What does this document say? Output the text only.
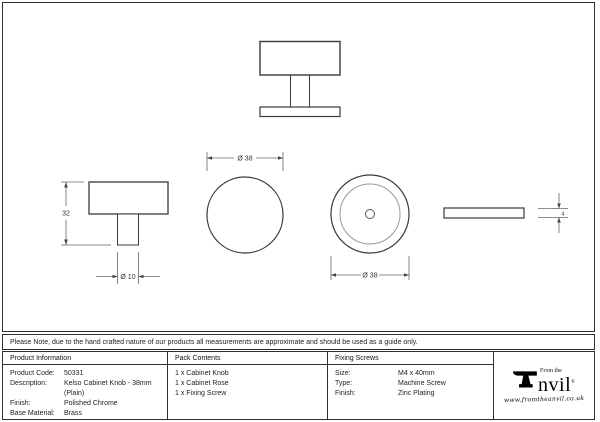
32
Ø 10
Ø 38
Ø 38
4
Please Note, due to the hand crafted nature of our products all measurements are approximate and should be used as a guide only.
Product Information
Product Code: 50331
Description: Kelso Cabinet Knob - 38mm
(Plain)
Finish:	Polished Chrome
Base Material: Brass
Pack Contents
1 x Cabinet Knob
1 x Cabinet Rose
1 x Fixing Screw
Fixing Screws
Size:	M4 x 40mm
Type:	Machine Screw
Finish:	Zinc Plating
From the
nvil®
www.fromtheanvil.co.uk
